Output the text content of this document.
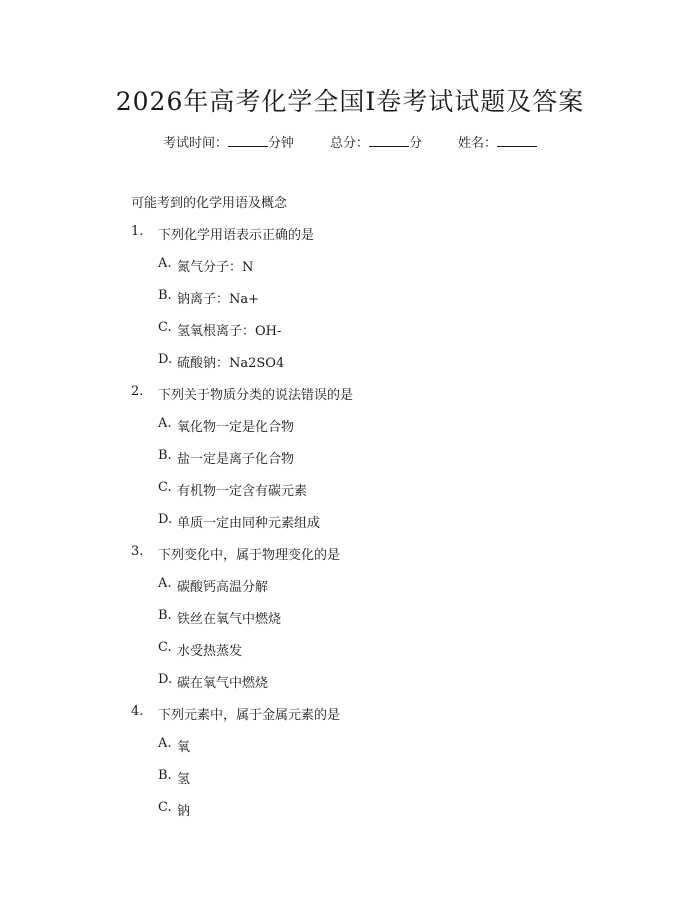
2026年高考化学全国Ⅰ卷考试试题及答案
考试时间：	分钟	总分：	分	姓名：
可能考到的化学用语及概念
1. 下列化学用语表示正确的是
A. 氮气分子：N
B. 钠离子：Na+
C. 氢氧根离子：OH-
D. 硫酸钠：Na2SO4
2. 下列关于物质分类的说法错误的是
A. 氧化物一定是化合物
B. 盐一定是离子化合物
C. 有机物一定含有碳元素
D. 单质一定由同种元素组成
3. 下列变化中，属于物理变化的是
A. 碳酸钙高温分解
B. 铁丝在氧气中燃烧
C. 水受热蒸发
D. 碳在氧气中燃烧
4. 下列元素中，属于金属元素的是
A. 氧
B. 氢
C. 钠
